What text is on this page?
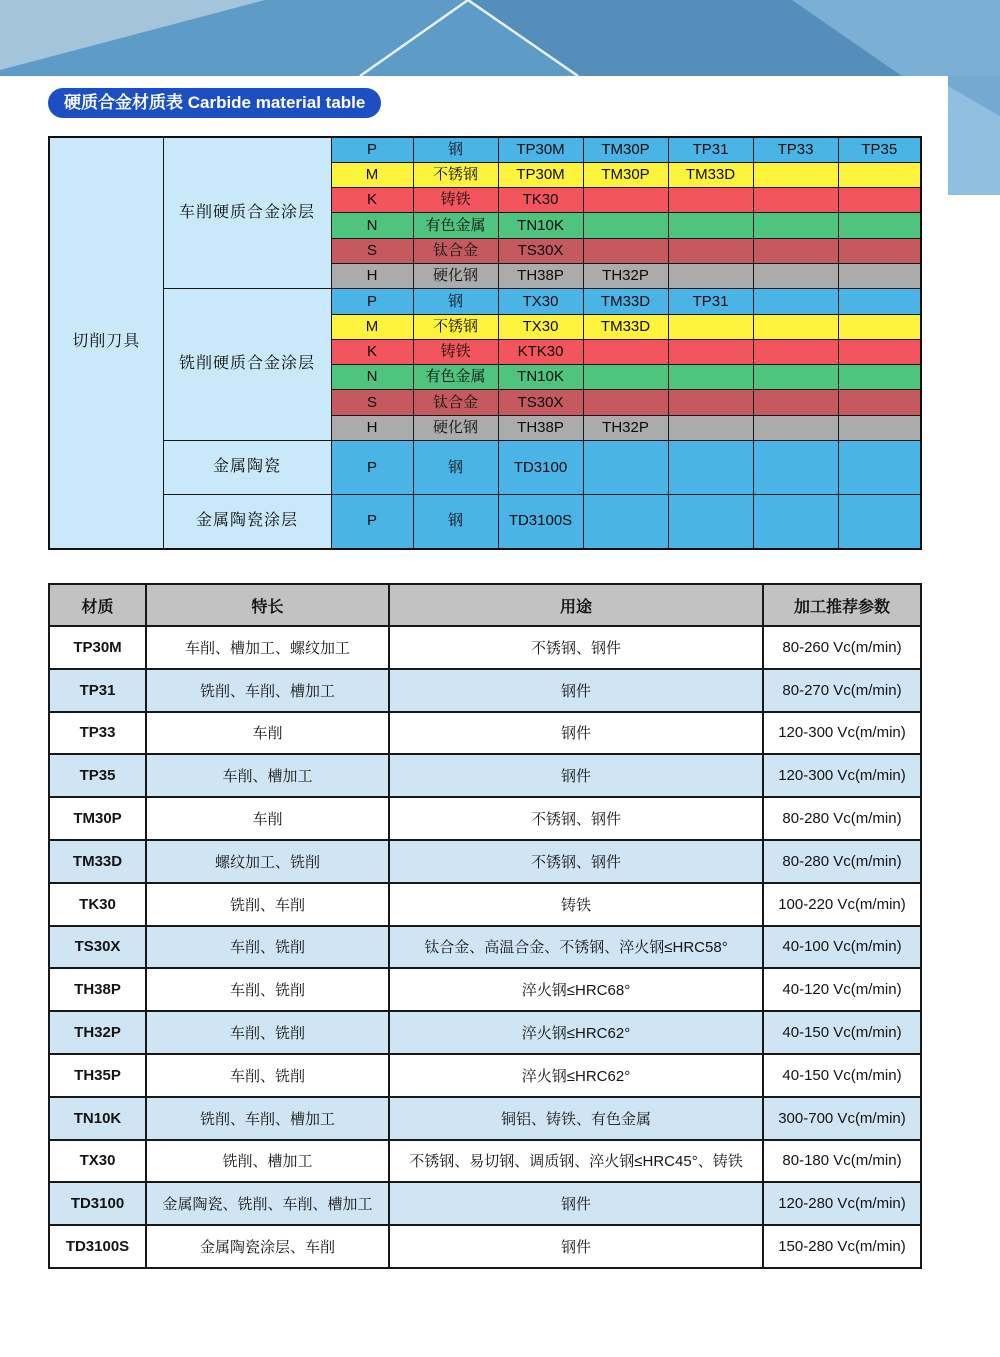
硬质合金材质表 Carbide material table
切削刀具	车削硬质合金涂层	P	钢	TP30M	TM30P	TP31	TP33	TP35
		M	不锈钢	TP30M	TM30P	TM33D		
		K	铸铁	TK30				
		N	有色金属	TN10K				
		S	钛合金	TS30X				
		H	硬化钢	TH38P	TH32P			
	铣削硬质合金涂层	P	钢	TX30	TM33D	TP31		
		M	不锈钢	TX30	TM33D			
		K	铸铁	KTK30				
		N	有色金属	TN10K				
		S	钛合金	TS30X				
		H	硬化钢	TH38P	TH32P			
	金属陶瓷	P	钢	TD3100				
	金属陶瓷涂层	P	钢	TD3100S				
材质	特长	用途	加工推荐参数
TP30M	车削、槽加工、螺纹加工	不锈钢、钢件	80-260 Vc(m/min)
TP31	铣削、车削、槽加工	钢件	80-270 Vc(m/min)
TP33	车削	钢件	120-300 Vc(m/min)
TP35	车削、槽加工	钢件	120-300 Vc(m/min)
TM30P	车削	不锈钢、钢件	80-280 Vc(m/min)
TM33D	螺纹加工、铣削	不锈钢、钢件	80-280 Vc(m/min)
TK30	铣削、车削	铸铁	100-220 Vc(m/min)
TS30X	车削、铣削	钛合金、高温合金、不锈钢、淬火钢≤HRC58°	40-100 Vc(m/min)
TH38P	车削、铣削	淬火钢≤HRC68°	40-120 Vc(m/min)
TH32P	车削、铣削	淬火钢≤HRC62°	40-150 Vc(m/min)
TH35P	车削、铣削	淬火钢≤HRC62°	40-150 Vc(m/min)
TN10K	铣削、车削、槽加工	铜铝、铸铁、有色金属	300-700 Vc(m/min)
TX30	铣削、槽加工	不锈钢、易切钢、调质钢、淬火钢≤HRC45°、铸铁	80-180 Vc(m/min)
TD3100	金属陶瓷、铣削、车削、槽加工	钢件	120-280 Vc(m/min)
TD3100S	金属陶瓷涂层、车削	钢件	150-280 Vc(m/min)
